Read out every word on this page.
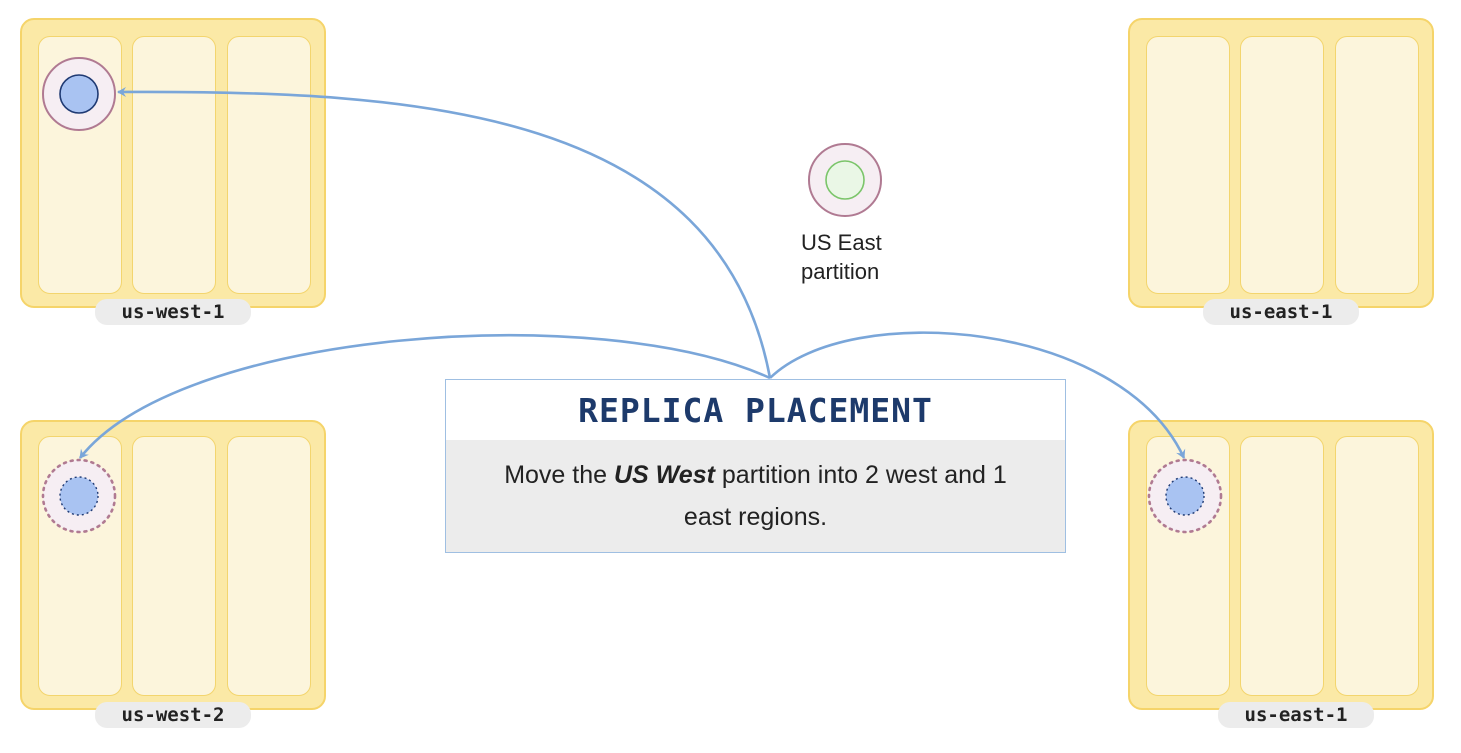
us-west-1
us-west-2
us-east-1
us-east-1
US East
partition
REPLICA PLACEMENT
Move the US West partition into 2 west and 1 east regions.
